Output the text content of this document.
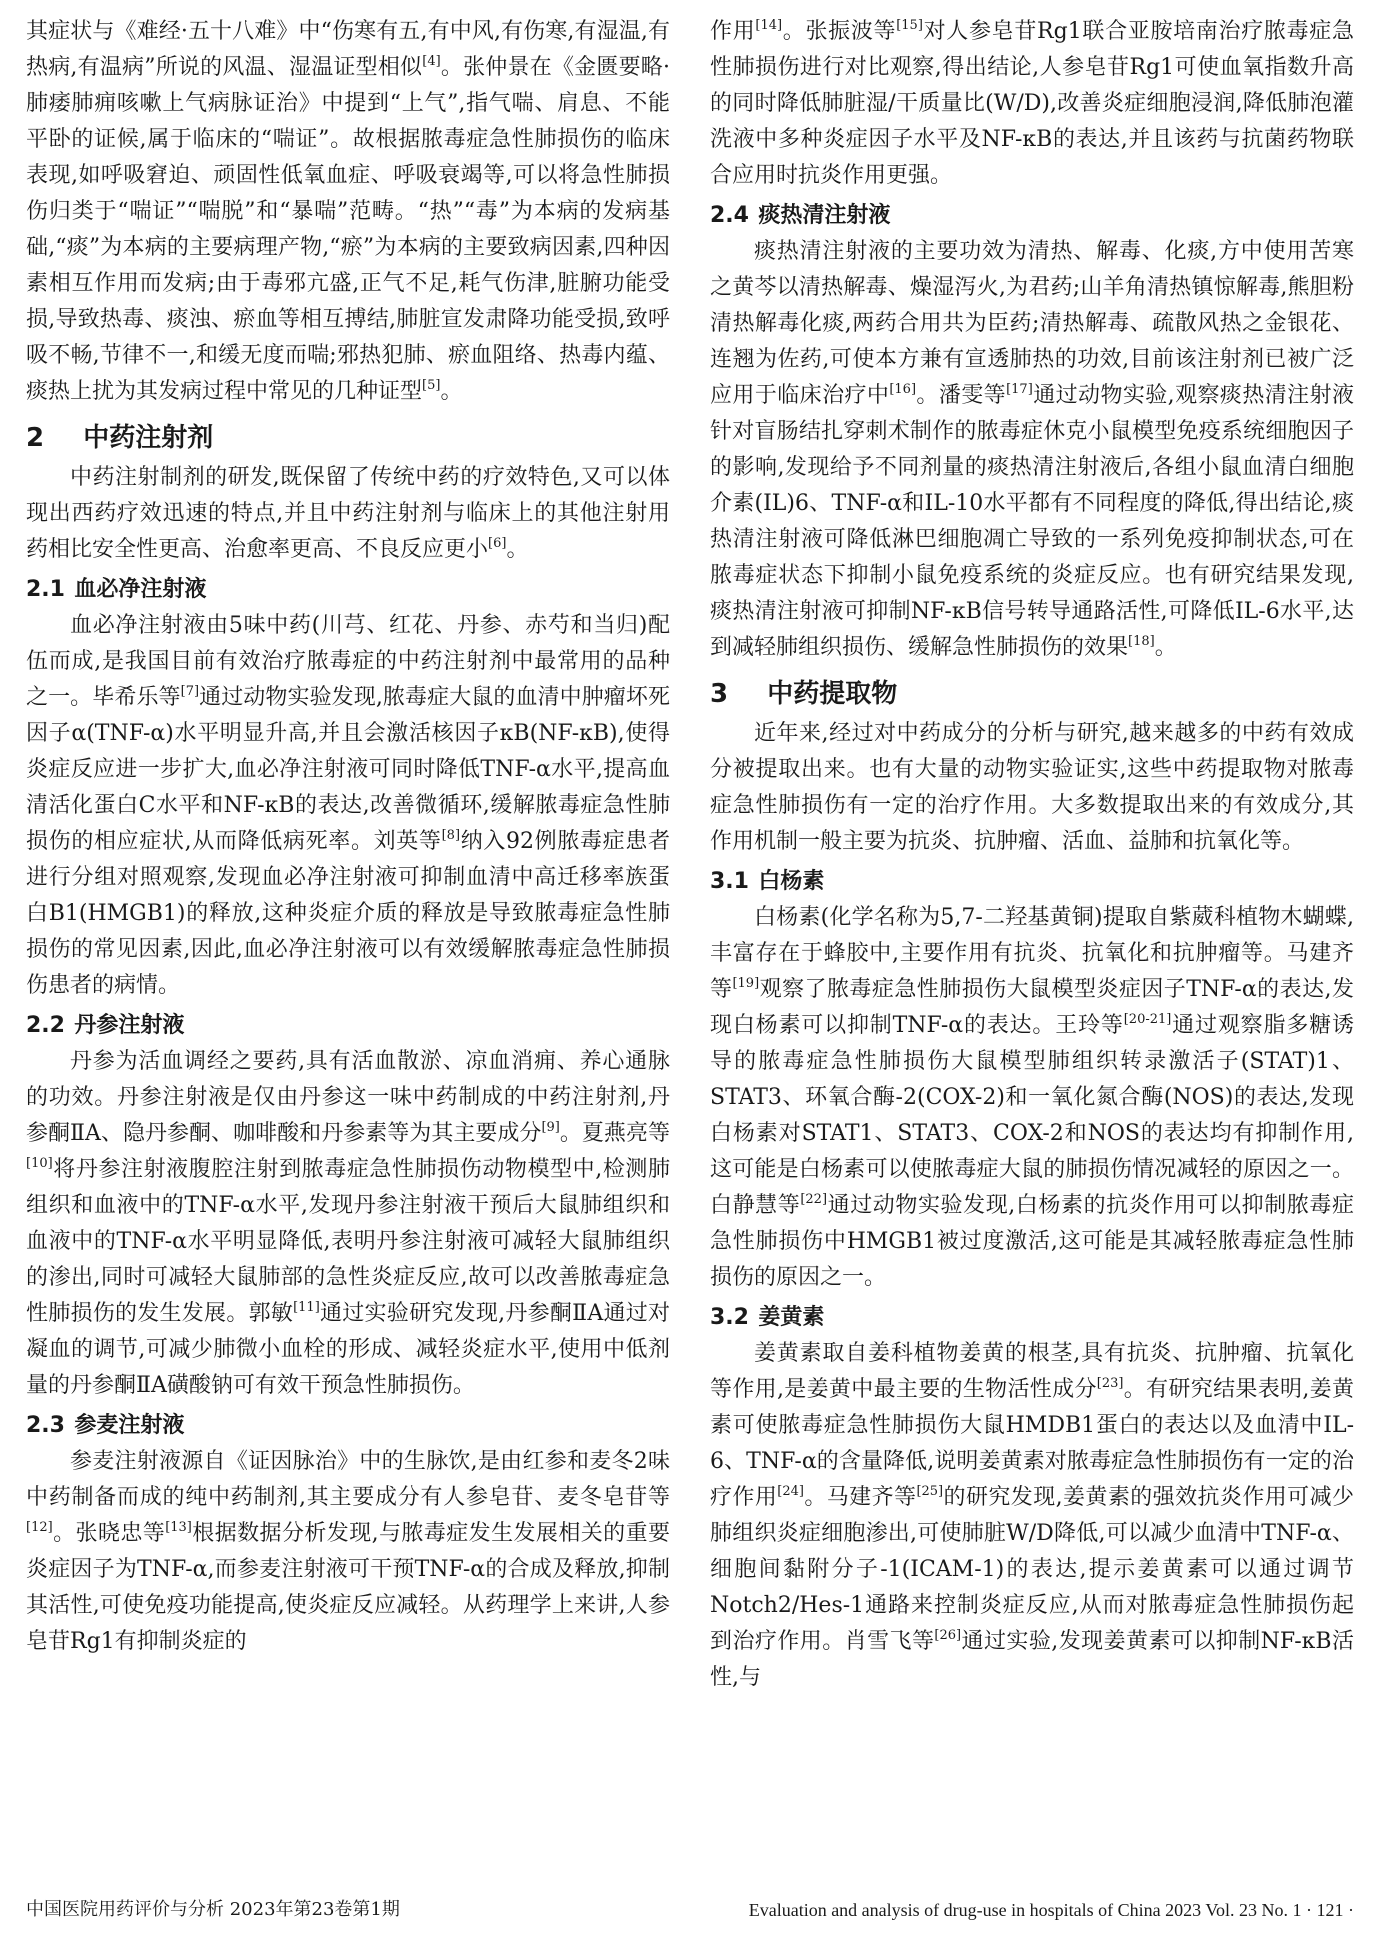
其症状与《难经·五十八难》中“伤寒有五,有中风,有伤寒,有湿温,有热病,有温病”所说的风温、湿温证型相似[4]。张仲景在《金匮要略·肺痿肺痈咳嗽上气病脉证治》中提到“上气”,指气喘、肩息、不能平卧的证候,属于临床的“喘证”。故根据脓毒症急性肺损伤的临床表现,如呼吸窘迫、顽固性低氧血症、呼吸衰竭等,可以将急性肺损伤归类于“喘证”“喘脱”和“暴喘”范畴。“热”“毒”为本病的发病基础,“痰”为本病的主要病理产物,“瘀”为本病的主要致病因素,四种因素相互作用而发病;由于毒邪亢盛,正气不足,耗气伤津,脏腑功能受损,导致热毒、痰浊、瘀血等相互搏结,肺脏宣发肃降功能受损,致呼吸不畅,节律不一,和缓无度而喘;邪热犯肺、瘀血阻络、热毒内蕴、痰热上扰为其发病过程中常见的几种证型[5]。

2 中药注射剂

中药注射制剂的研发,既保留了传统中药的疗效特色,又可以体现出西药疗效迅速的特点,并且中药注射剂与临床上的其他注射用药相比安全性更高、治愈率更高、不良反应更小[6]。

2.1 血必净注射液

血必净注射液由5味中药(川芎、红花、丹参、赤芍和当归)配伍而成,是我国目前有效治疗脓毒症的中药注射剂中最常用的品种之一。毕希乐等[7]通过动物实验发现,脓毒症大鼠的血清中肿瘤坏死因子α(TNF-α)水平明显升高,并且会激活核因子κB(NF-κB),使得炎症反应进一步扩大,血必净注射液可同时降低TNF-α水平,提高血清活化蛋白C水平和NF-κB的表达,改善微循环,缓解脓毒症急性肺损伤的相应症状,从而降低病死率。刘英等[8]纳入92例脓毒症患者进行分组对照观察,发现血必净注射液可抑制血清中高迁移率族蛋白B1(HMGB1)的释放,这种炎症介质的释放是导致脓毒症急性肺损伤的常见因素,因此,血必净注射液可以有效缓解脓毒症急性肺损伤患者的病情。

2.2 丹参注射液

丹参为活血调经之要药,具有活血散淤、凉血消痈、养心通脉的功效。丹参注射液是仅由丹参这一味中药制成的中药注射剂,丹参酮ⅡA、隐丹参酮、咖啡酸和丹参素等为其主要成分[9]。夏燕亮等[10]将丹参注射液腹腔注射到脓毒症急性肺损伤动物模型中,检测肺组织和血液中的TNF-α水平,发现丹参注射液干预后大鼠肺组织和血液中的TNF-α水平明显降低,表明丹参注射液可减轻大鼠肺组织的渗出,同时可减轻大鼠肺部的急性炎症反应,故可以改善脓毒症急性肺损伤的发生发展。郭敏[11]通过实验研究发现,丹参酮ⅡA通过对凝血的调节,可减少肺微小血栓的形成、减轻炎症水平,使用中低剂量的丹参酮ⅡA磺酸钠可有效干预急性肺损伤。

2.3 参麦注射液

参麦注射液源自《证因脉治》中的生脉饮,是由红参和麦冬2味中药制备而成的纯中药制剂,其主要成分有人参皂苷、麦冬皂苷等[12]。张晓忠等[13]根据数据分析发现,与脓毒症发生发展相关的重要炎症因子为TNF-α,而参麦注射液可干预TNF-α的合成及释放,抑制其活性,可使免疫功能提高,使炎症反应减轻。从药理学上来讲,人参皂苷Rg1有抑制炎症的

作用[14]。张振波等[15]对人参皂苷Rg1联合亚胺培南治疗脓毒症急性肺损伤进行对比观察,得出结论,人参皂苷Rg1可使血氧指数升高的同时降低肺脏湿/干质量比(W/D),改善炎症细胞浸润,降低肺泡灌洗液中多种炎症因子水平及NF-κB的表达,并且该药与抗菌药物联合应用时抗炎作用更强。

2.4 痰热清注射液

痰热清注射液的主要功效为清热、解毒、化痰,方中使用苦寒之黄芩以清热解毒、燥湿泻火,为君药;山羊角清热镇惊解毒,熊胆粉清热解毒化痰,两药合用共为臣药;清热解毒、疏散风热之金银花、连翘为佐药,可使本方兼有宣透肺热的功效,目前该注射剂已被广泛应用于临床治疗中[16]。潘雯等[17]通过动物实验,观察痰热清注射液针对盲肠结扎穿刺术制作的脓毒症休克小鼠模型免疫系统细胞因子的影响,发现给予不同剂量的痰热清注射液后,各组小鼠血清白细胞介素(IL)6、TNF-α和IL-10水平都有不同程度的降低,得出结论,痰热清注射液可降低淋巴细胞凋亡导致的一系列免疫抑制状态,可在脓毒症状态下抑制小鼠免疫系统的炎症反应。也有研究结果发现,痰热清注射液可抑制NF-κB信号转导通路活性,可降低IL-6水平,达到减轻肺组织损伤、缓解急性肺损伤的效果[18]。

3 中药提取物

近年来,经过对中药成分的分析与研究,越来越多的中药有效成分被提取出来。也有大量的动物实验证实,这些中药提取物对脓毒症急性肺损伤有一定的治疗作用。大多数提取出来的有效成分,其作用机制一般主要为抗炎、抗肿瘤、活血、益肺和抗氧化等。

3.1 白杨素

白杨素(化学名称为5,7-二羟基黄铜)提取自紫葳科植物木蝴蝶,丰富存在于蜂胶中,主要作用有抗炎、抗氧化和抗肿瘤等。马建齐等[19]观察了脓毒症急性肺损伤大鼠模型炎症因子TNF-α的表达,发现白杨素可以抑制TNF-α的表达。王玲等[20-21]通过观察脂多糖诱导的脓毒症急性肺损伤大鼠模型肺组织转录激活子(STAT)1、STAT3、环氧合酶-2(COX-2)和一氧化氮合酶(NOS)的表达,发现白杨素对STAT1、STAT3、COX-2和NOS的表达均有抑制作用,这可能是白杨素可以使脓毒症大鼠的肺损伤情况减轻的原因之一。白静慧等[22]通过动物实验发现,白杨素的抗炎作用可以抑制脓毒症急性肺损伤中HMGB1被过度激活,这可能是其减轻脓毒症急性肺损伤的原因之一。

3.2 姜黄素

姜黄素取自姜科植物姜黄的根茎,具有抗炎、抗肿瘤、抗氧化等作用,是姜黄中最主要的生物活性成分[23]。有研究结果表明,姜黄素可使脓毒症急性肺损伤大鼠HMDB1蛋白的表达以及血清中IL-6、TNF-α的含量降低,说明姜黄素对脓毒症急性肺损伤有一定的治疗作用[24]。马建齐等[25]的研究发现,姜黄素的强效抗炎作用可减少肺组织炎症细胞渗出,可使肺脏W/D降低,可以减少血清中TNF-α、细胞间黏附分子-1(ICAM-1)的表达,提示姜黄素可以通过调节Notch2/Hes-1通路来控制炎症反应,从而对脓毒症急性肺损伤起到治疗作用。肖雪飞等[26]通过实验,发现姜黄素可以抑制NF-κB活性,与

中国医院用药评价与分析 2023年第23卷第1期	Evaluation and analysis of drug-use in hospitals of China 2023 Vol. 23 No. 1 · 121 ·
